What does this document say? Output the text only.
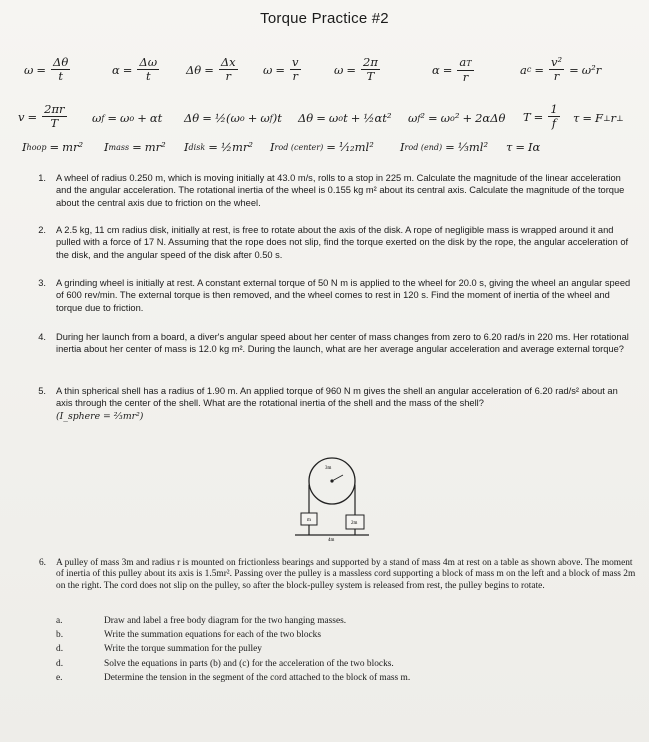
Torque Practice #2
$\omega = \frac{\Delta\theta}{t}$	$\alpha = \frac{\Delta\omega}{t}$ $\Delta\theta = \frac{\Delta x}{r}$ $\omega = \frac{v}{r}$	$\omega = \frac{2\pi}{T}$	$\alpha = \frac{aT}{r}$	a $c = \frac{\text{v²}}{r} = \omega^2r$
$v = \frac{2\pi r}{T}$ ω f = ω o + αt Δθ = ½(ω o + ω f )t Δθ = ω o t + ½αt² ω f ² = ω o ² + 2αΔθ $T = \frac{1}{f}$ τ = F ⊥ r ⊥
I hoop = mr² I mass = mr² I disk = ½mr² I rod (center) = ¹⁄₁₂ml² I rod (end) = ⅓ml² τ = Iα
1. A wheel of radius 0.250 m, which is moving initially at 43.0 m/s, rolls to a stop in 225 m. Calculate the magnitude of the linear acceleration and the angular acceleration. The rotational inertia of the wheel is 0.155 kg m² about its central axis. Calculate the magnitude of the torque about the central axis due to friction on the wheel.
2. A 2.5 kg, 11 cm radius disk, initially at rest, is free to rotate about the axis of the disk. A rope of negligible mass is wrapped around it and pulled with a force of 17 N. Assuming that the rope does not slip, find the torque exerted on the disk by the rope, the angular acceleration of the disk, and the angular speed of the disk after 0.50 s.
3. A grinding wheel is initially at rest. A constant external torque of 50 N m is applied to the wheel for 20.0 s, giving the wheel an angular speed of 600 rev/min. The external torque is then removed, and the wheel comes to rest in 120 s. Find the moment of inertia of the wheel and torque due to friction.
4. During her launch from a board, a diver's angular speed about her center of mass changes from zero to 6.20 rad/s in 220 ms. Her rotational inertia about her center of mass is 12.0 kg m². During the launch, what are her average angular acceleration and average external torque?
5. A thin spherical shell has a radius of 1.90 m. An applied torque of 960 N m gives the shell an angular acceleration of 6.20 rad/s² about an axis through the center of the shell. What are the rotational inertia of the shell and the mass of the shell?
(I_sphere = ⅔mr²)
3m
m
2m
4m
6. A pulley of mass 3m and radius r is mounted on frictionless bearings and supported by a stand of mass 4m at rest on a table as shown above. The moment of inertia of this pulley about its axis is 1.5mr². Passing over the pulley is a massless cord supporting a block of mass m on the left and a block of mass 2m on the right. The cord does not slip on the pulley, so after the block-pulley system is released from rest, the pulley begins to rotate.
a.	Draw and label a free body diagram for the two hanging masses.
b.	Write the summation equations for each of the two blocks
d.	Write the torque summation for the pulley
d.	Solve the equations in parts (b) and (c) for the acceleration of the two blocks.
e.	Determine the tension in the segment of the cord attached to the block of mass m.
